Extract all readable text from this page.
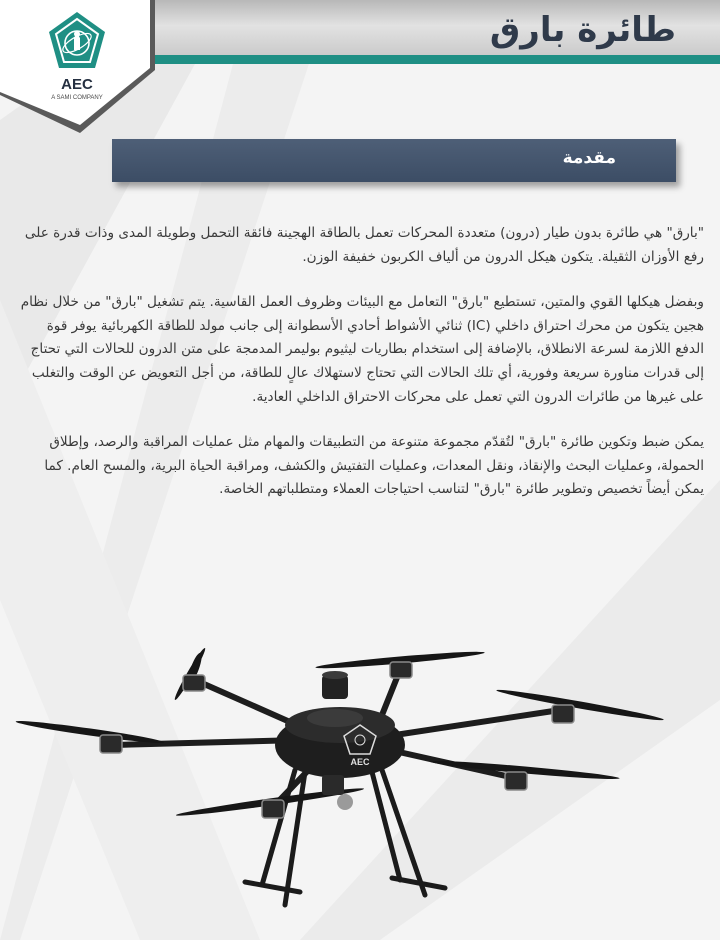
طائرة بارق
AEC
A SAMI COMPANY
مقدمة

"بارق" هي طائرة بدون طيار (درون) متعددة المحركات تعمل بالطاقة الهجينة فائقة التحمل وطويلة المدى وذات قدرة على رفع الأوزان الثقيلة. يتكون هيكل الدرون من ألياف الكربون خفيفة الوزن.

وبفضل هيكلها القوي والمتين، تستطيع "بارق" التعامل مع البيئات وظروف العمل القاسية. يتم تشغيل "بارق" من خلال نظام هجين يتكون من محرك احتراق داخلي (IC) ثنائي الأشواط أحادي الأسطوانة إلى جانب مولد للطاقة الكهربائية يوفر قوة الدفع اللازمة لسرعة الانطلاق، بالإضافة إلى استخدام بطاريات ليثيوم بوليمر المدمجة على متن الدرون للحالات التي تحتاج إلى قدرات مناورة سريعة وفورية، أي تلك الحالات التي تحتاج لاستهلاك عالٍ للطاقة، من أجل التعويض عن الوقت والتغلب على غيرها من طائرات الدرون التي تعمل على محركات الاحتراق الداخلي العادية.

يمكن ضبط وتكوين طائرة "بارق" لتُقدّم مجموعة متنوعة من التطبيقات والمهام مثل عمليات المراقبة والرصد، وإطلاق الحمولة، وعمليات البحث والإنقاذ، ونقل المعدات، وعمليات التفتيش والكشف، ومراقبة الحياة البرية، والمسح العام. كما يمكن أيضاً تخصيص وتطوير طائرة "بارق" لتناسب احتياجات العملاء ومتطلباتهم الخاصة.

AEC
